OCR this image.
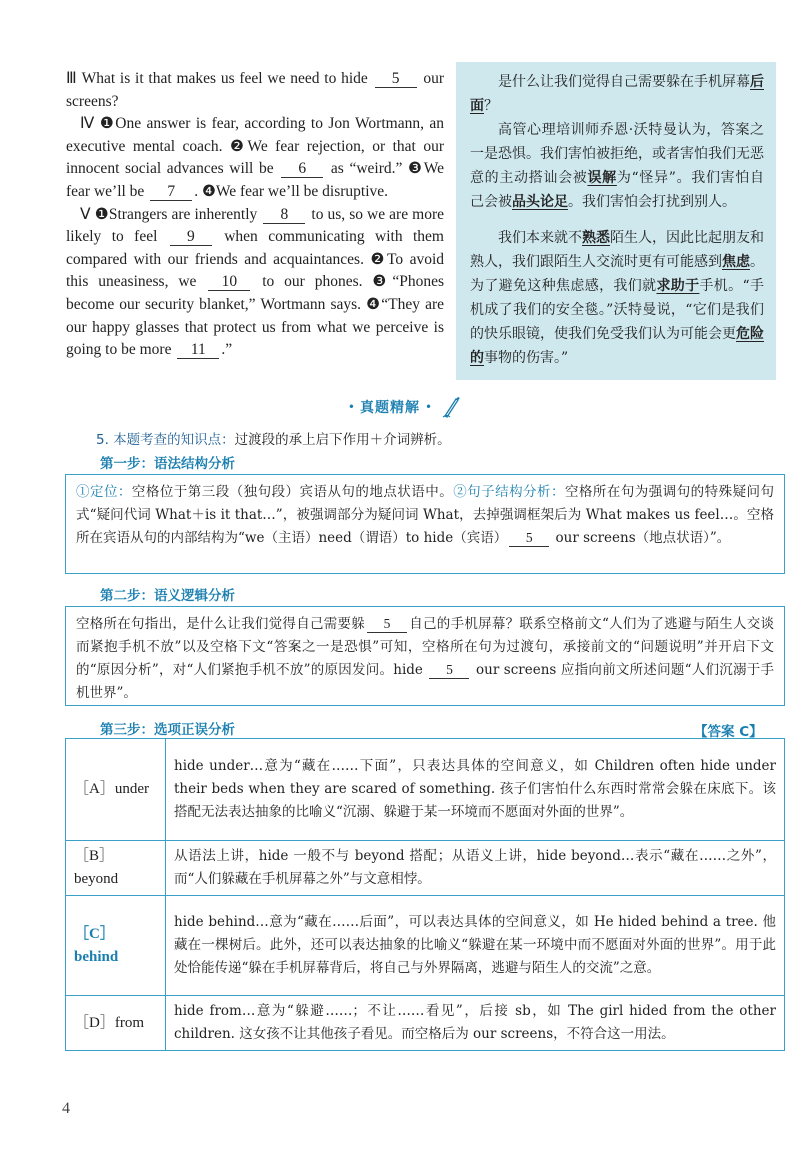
Ⅲ What is it that makes us feel we need to hide 5 our screens?

Ⅳ ❶One answer is fear, according to Jon Wortmann, an executive mental coach. ❷We fear rejection, or that our innocent social advances will be 6 as “weird.” ❸We fear we’ll be 7 . ❹We fear we’ll be disruptive.

Ⅴ ❶Strangers are inherently 8 to us, so we are more likely to feel 9 when communicating with them compared with our friends and acquaintances. ❷To avoid this uneasiness, we 10 to our phones. ❸“Phones become our security blanket,” Wortmann says. ❹“They are our happy glasses that protect us from what we perceive is going to be more 11 .”

是什么让我们觉得自己需要躲在手机屏幕后面？

高管心理培训师乔恩·沃特曼认为，答案之一是恐惧。我们害怕被拒绝，或者害怕我们无恶意的主动搭讪会被误解为“怪异”。我们害怕自己会被品头论足。我们害怕会打扰到别人。

我们本来就不熟悉陌生人，因此比起朋友和熟人，我们跟陌生人交流时更有可能感到焦虑。为了避免这种焦虑感，我们就求助于手机。“手机成了我们的安全毯。”沃特曼说，“它们是我们的快乐眼镜，使我们免受我们认为可能会更危险的事物的伤害。”

• 真题精解 •
5. 本题考查的知识点：过渡段的承上启下作用＋介词辨析。
第一步：语法结构分析
①定位：空格位于第三段（独句段）宾语从句的地点状语中。②句子结构分析：空格所在句为强调句的特殊疑问句式“疑问代词 What＋is it that…”，被强调部分为疑问词 What，去掉强调框架后为 What makes us feel…。空格所在宾语从句的内部结构为“we（主语）need（谓语）to hide（宾语） 5 our screens（地点状语）”。
第二步：语义逻辑分析
空格所在句指出，是什么让我们觉得自己需要躲 5 自己的手机屏幕？联系空格前文“人们为了逃避与陌生人交谈而紧抱手机不放”以及空格下文“答案之一是恐惧”可知，空格所在句为过渡句，承接前文的“问题说明”并开启下文的“原因分析”，对“人们紧抱手机不放”的原因发问。hide 5 our screens 应指向前文所述问题“人们沉溺于手机世界”。
第三步：选项正误分析	【答案 C】
［A］under	hide under…意为“藏在……下面”，只表达具体的空间意义，如 Children often hide under their beds when they are scared of something. 孩子们害怕什么东西时常常会躲在床底下。该搭配无法表达抽象的比喻义“沉溺、躲避于某一环境而不愿面对外面的世界”。
［B］beyond	从语法上讲，hide 一般不与 beyond 搭配；从语义上讲，hide beyond…表示“藏在……之外”，而“人们躲藏在手机屏幕之外”与文意相悖。
［C］behind	hide behind…意为“藏在……后面”，可以表达具体的空间意义，如 He hided behind a tree. 他藏在一棵树后。此外，还可以表达抽象的比喻义“躲避在某一环境中而不愿面对外面的世界”。用于此处恰能传递“躲在手机屏幕背后，将自己与外界隔离，逃避与陌生人的交流”之意。
［D］from	hide from…意为“躲避……；不让……看见”，后接 sb，如 The girl hided from the other children. 这女孩不让其他孩子看见。而空格后为 our screens，不符合这一用法。
4
